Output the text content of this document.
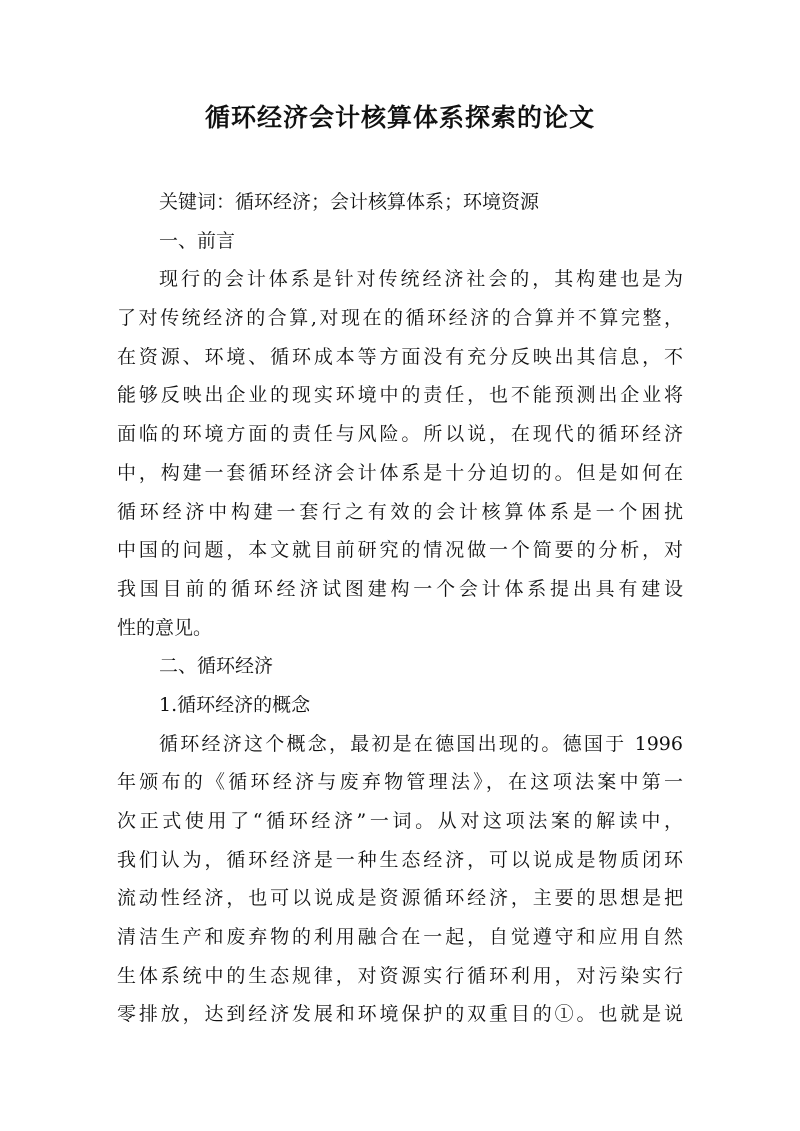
循环经济会计核算体系探索的论文
关键词：循环经济；会计核算体系；环境资源
一、前言
现行的会计体系是针对传统经济社会的，其构建也是为
了对传统经济的合算,对现在的循环经济的合算并不算完整，
在资源、环境、循环成本等方面没有充分反映出其信息，不
能够反映出企业的现实环境中的责任，也不能预测出企业将
面临的环境方面的责任与风险。所以说，在现代的循环经济
中，构建一套循环经济会计体系是十分迫切的。但是如何在
循环经济中构建一套行之有效的会计核算体系是一个困扰
中国的问题，本文就目前研究的情况做一个简要的分析，对
我国目前的循环经济试图建构一个会计体系提出具有建设
性的意见。
二、循环经济
1.循环经济的概念
循环经济这个概念，最初是在德国出现的。德国于 1996
年颁布的《循环经济与废弃物管理法》，在这项法案中第一
次正式使用了“循环经济”一词。从对这项法案的解读中，
我们认为，循环经济是一种生态经济，可以说成是物质闭环
流动性经济，也可以说成是资源循环经济，主要的思想是把
清洁生产和废弃物的利用融合在一起，自觉遵守和应用自然
生体系统中的生态规律，对资源实行循环利用，对污染实行
零排放，达到经济发展和环境保护的双重目的①。也就是说
